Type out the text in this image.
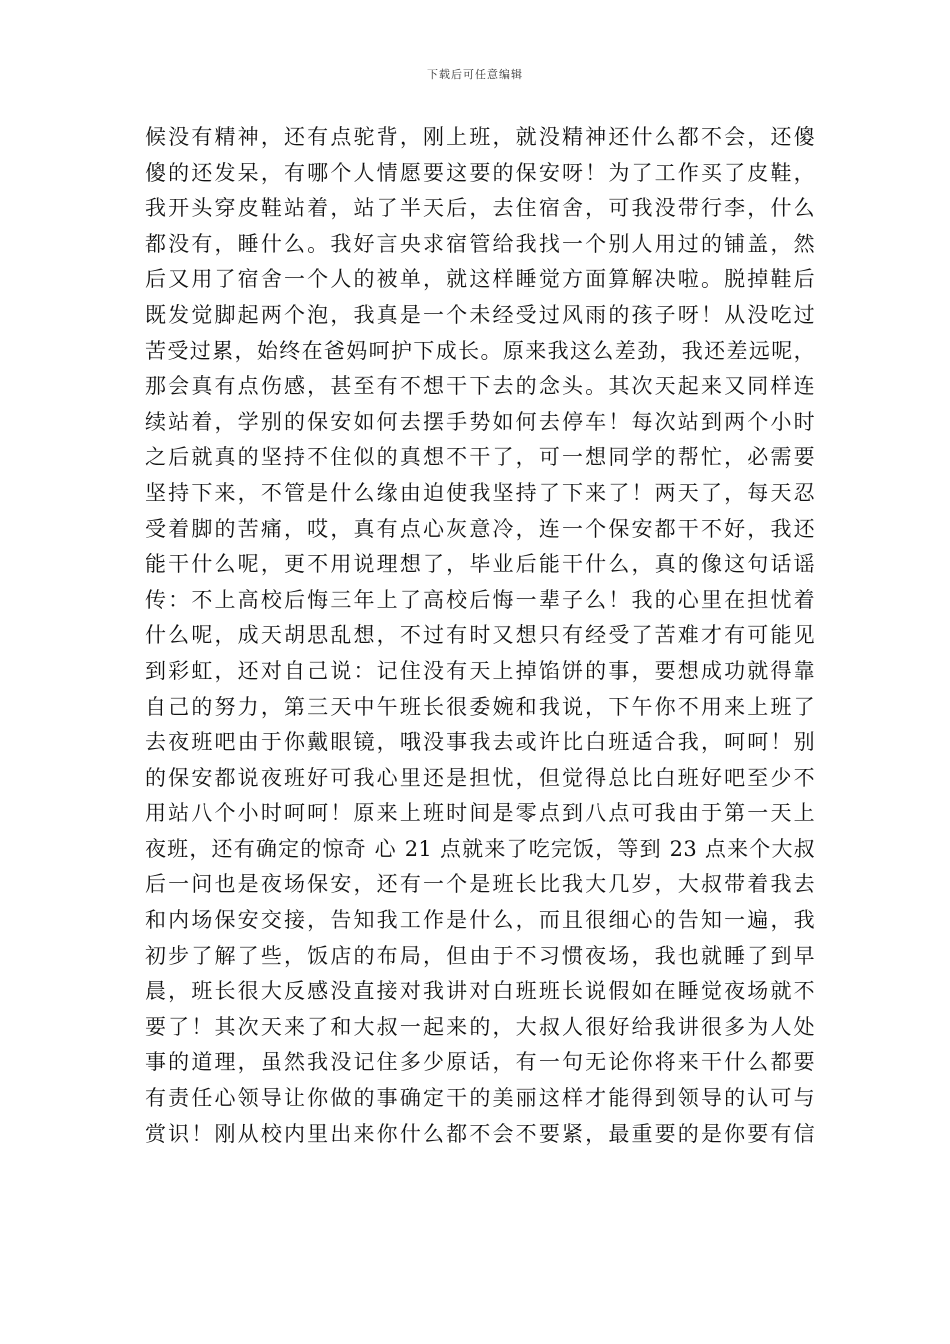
下载后可任意编辑
候没有精神，还有点驼背，刚上班，就没精神还什么都不会，还傻
傻的还发呆，有哪个人情愿要这要的保安呀！为了工作买了皮鞋，
我开头穿皮鞋站着，站了半天后，去住宿舍，可我没带行李，什么
都没有，睡什么。我好言央求宿管给我找一个别人用过的铺盖，然
后又用了宿舍一个人的被单，就这样睡觉方面算解决啦。脱掉鞋后
既发觉脚起两个泡，我真是一个未经受过风雨的孩子呀！从没吃过
苦受过累，始终在爸妈呵护下成长。原来我这么差劲，我还差远呢，
那会真有点伤感，甚至有不想干下去的念头。其次天起来又同样连
续站着，学别的保安如何去摆手势如何去停车！每次站到两个小时
之后就真的坚持不住似的真想不干了，可一想同学的帮忙，必需要
坚持下来，不管是什么缘由迫使我坚持了下来了！两天了，每天忍
受着脚的苦痛，哎，真有点心灰意冷，连一个保安都干不好，我还
能干什么呢，更不用说理想了，毕业后能干什么，真的像这句话谣
传：不上高校后悔三年上了高校后悔一辈子么！我的心里在担忧着
什么呢，成天胡思乱想，不过有时又想只有经受了苦难才有可能见
到彩虹，还对自己说：记住没有天上掉馅饼的事，要想成功就得靠
自己的努力，第三天中午班长很委婉和我说，下午你不用来上班了
去夜班吧由于你戴眼镜，哦没事我去或许比白班适合我，呵呵！别
的保安都说夜班好可我心里还是担忧，但觉得总比白班好吧至少不
用站八个小时呵呵！原来上班时间是零点到八点可我由于第一天上
夜班，还有确定的惊奇 心 21 点就来了吃完饭，等到 23 点来个大叔
后一问也是夜场保安，还有一个是班长比我大几岁，大叔带着我去
和内场保安交接，告知我工作是什么，而且很细心的告知一遍，我
初步了解了些，饭店的布局，但由于不习惯夜场，我也就睡了到早
晨，班长很大反感没直接对我讲对白班班长说假如在睡觉夜场就不
要了！其次天来了和大叔一起来的，大叔人很好给我讲很多为人处
事的道理，虽然我没记住多少原话，有一句无论你将来干什么都要
有责任心领导让你做的事确定干的美丽这样才能得到领导的认可与
赏识！刚从校内里出来你什么都不会不要紧，最重要的是你要有信
